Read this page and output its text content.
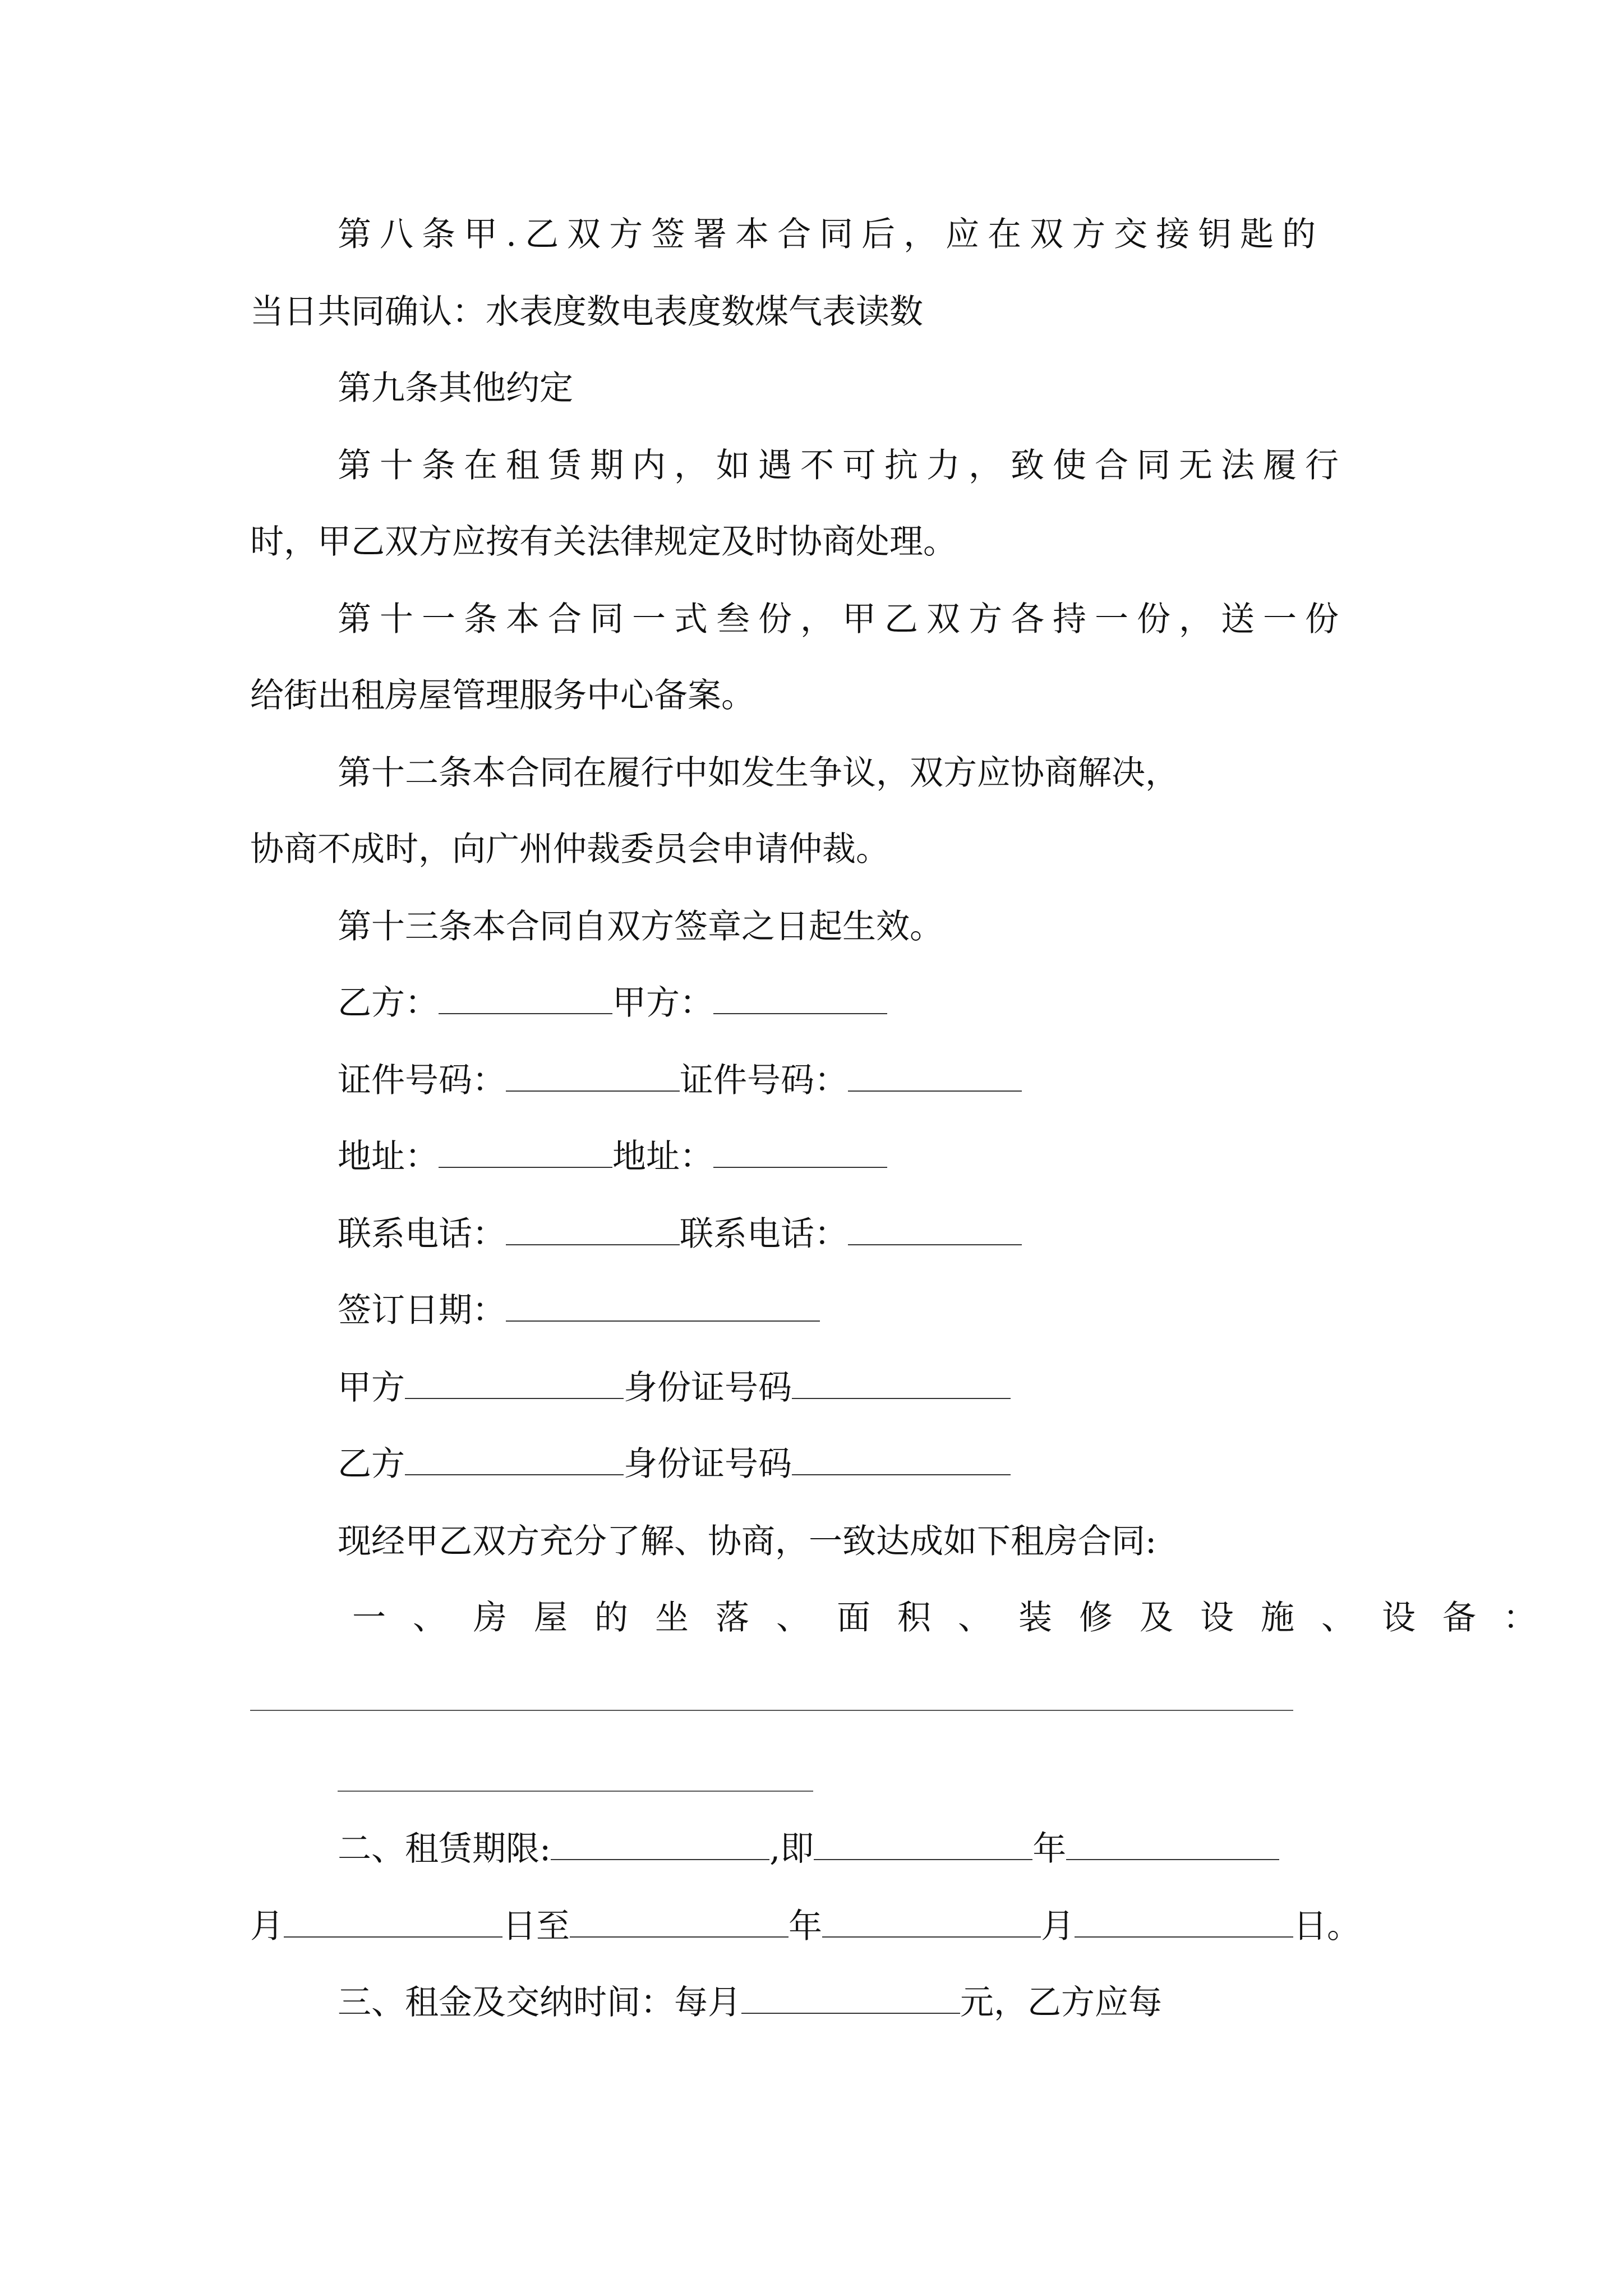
第八条甲.乙双方签署本合同后，应在双方交接钥匙的
当日共同确认：水表度数电表度数煤气表读数
第九条其他约定
第十条在租赁期内，如遇不可抗力，致使合同无法履行
时，甲乙双方应按有关法律规定及时协商处理。
第十一条本合同一式叁份，甲乙双方各持一份，送一份
给街出租房屋管理服务中心备案。
第十二条本合同在履行中如发生争议，双方应协商解决，
协商不成时，向广州仲裁委员会申请仲裁。
第十三条本合同自双方签章之日起生效。
乙方：	甲方：
证件号码：	证件号码：
地址：	地址：
联系电话：	联系电话：
签订日期：
甲方	身份证号码
乙方	身份证号码
现经甲乙双方充分了解、协商，一致达成如下租房合同:
一、房屋的坐落、面积、装修及设施、设备：
二、租赁期限:	,即	年
月	日至	年	月	日。
三、租金及交纳时间：每月	元，乙方应每
